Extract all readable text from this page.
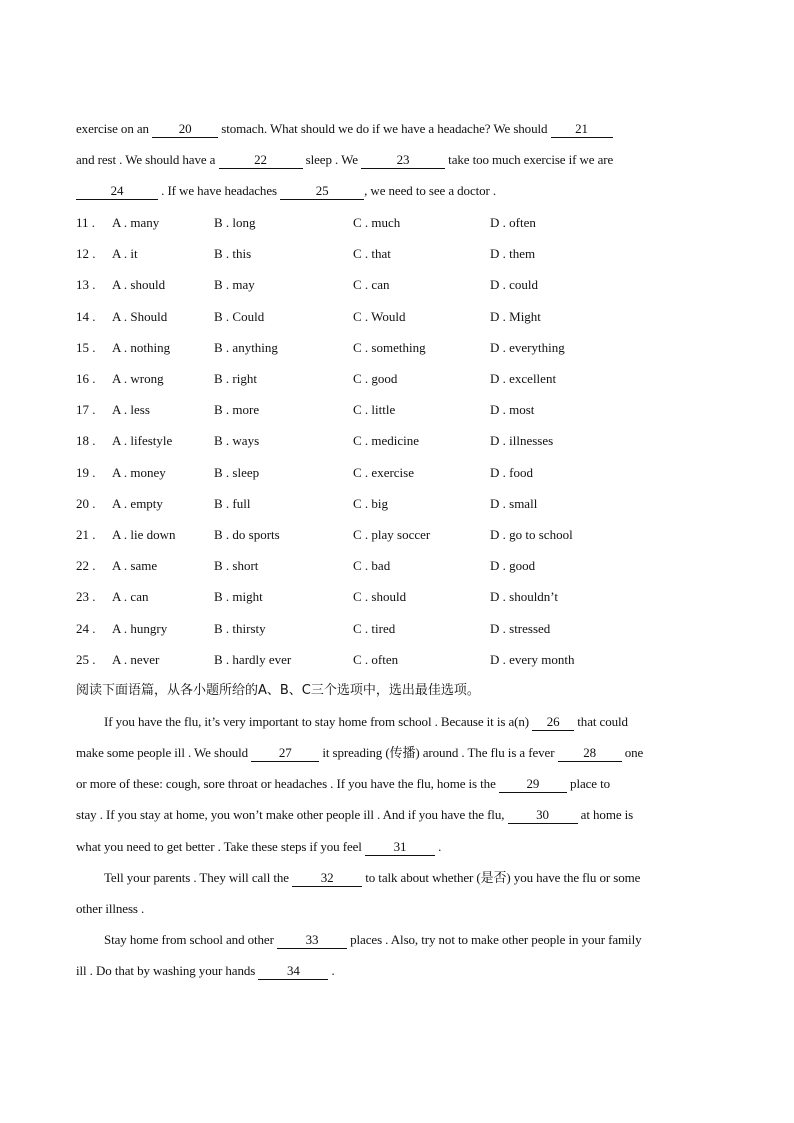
exercise on an 20 stomach. What should we do if we have a headache? We should 21
and rest . We should have a	22	sleep . We	23	take too much exercise if we are
24	. If we have headaches	25	, we need to see a doctor .
11 . A . many	B . long	C . much	D . often
12 . A . it	B . this	C . that	D . them
13 . A . should	B . may	C . can	D . could
14 . A . Should	B . Could	C . Would	D . Might
15 . A . nothing	B . anything	C . something	D . everything
16 . A . wrong	B . right	C . good	D . excellent
17 . A . less	B . more	C . little	D . most
18 . A . lifestyle	B . ways	C . medicine	D . illnesses
19 . A . money	B . sleep	C . exercise	D . food
20 . A . empty	B . full	C . big	D . small
21 . A . lie down	B . do sports	C . play soccer	D . go to school
22 . A . same	B . short	C . bad	D . good
23 . A . can	B . might	C . should	D . shouldn’t
24 . A . hungry	B . thirsty	C . tired	D . stressed
25 . A . never	B . hardly ever	C . often	D . every month
阅读下面语篇，从各小题所给的A、B、C三个选项中，选出最佳选项。
If you have the flu, it’s very important to stay home from school . Because it is a(n) 26 that could
make some people ill . We should 27 it spreading (传播) around . The flu is a fever 28 one
or more of these: cough, sore throat or headaches . If you have the flu, home is the 29 place to
stay . If you stay at home, you won’t make other people ill . And if you have the flu, 30 at home is
what you need to get better . Take these steps if you feel 31 .
Tell your parents . They will call the 32 to talk about whether (是否) you have the flu or some
other illness .
Stay home from school and other 33 places . Also, try not to make other people in your family
ill . Do that by washing your hands 34 .
